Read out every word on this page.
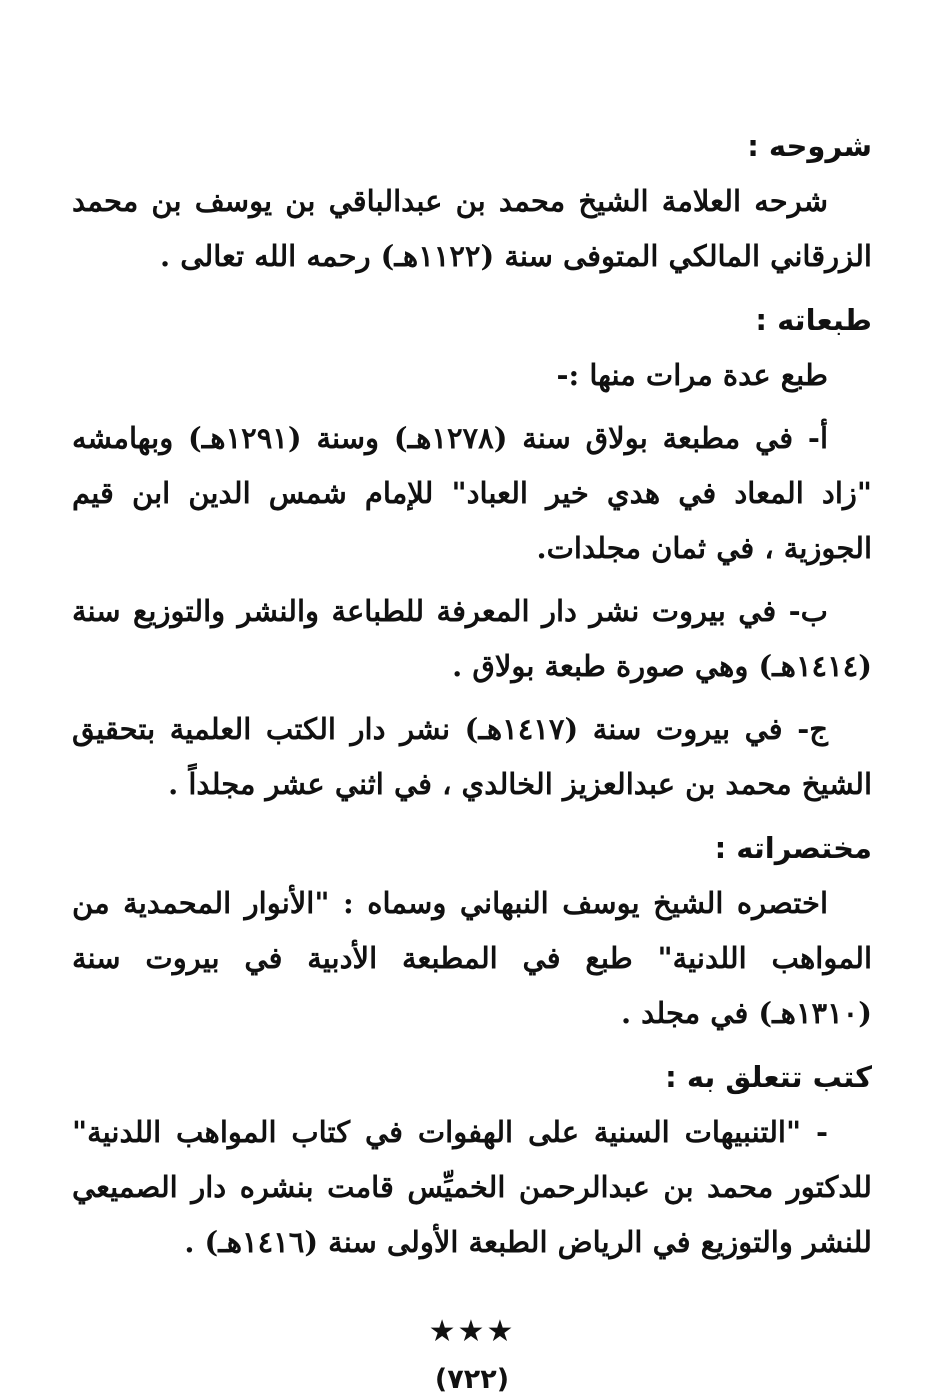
شروحه :

شرحه العلامة الشيخ محمد بن عبدالباقي بن يوسف بن محمد الزرقاني المالكي المتوفى سنة (١١٢٢هـ) رحمه الله تعالى .

طبعاته :

طبع عدة مرات منها :-

أ- في مطبعة بولاق سنة (١٢٧٨هـ) وسنة (١٢٩١هـ) وبهامشه "زاد المعاد في هدي خير العباد" للإمام شمس الدين ابن قيم الجوزية ، في ثمان مجلدات.

ب- في بيروت نشر دار المعرفة للطباعة والنشر والتوزيع سنة (١٤١٤هـ) وهي صورة طبعة بولاق .

ج- في بيروت سنة (١٤١٧هـ) نشر دار الكتب العلمية بتحقيق الشيخ محمد بن عبدالعزيز الخالدي ، في اثني عشر مجلداً .

مختصراته :

اختصره الشيخ يوسف النبهاني وسماه : "الأنوار المحمدية من المواهب اللدنية" طبع في المطبعة الأدبية في بيروت سنة (١٣١٠هـ) في مجلد .

كتب تتعلق به :

- "التنبيهات السنية على الهفوات في كتاب المواهب اللدنية" للدكتور محمد بن عبدالرحمن الخميِّس قامت بنشره دار الصميعي للنشر والتوزيع في الرياض الطبعة الأولى سنة (١٤١٦هـ) .

★★★
(٧٢٢)
